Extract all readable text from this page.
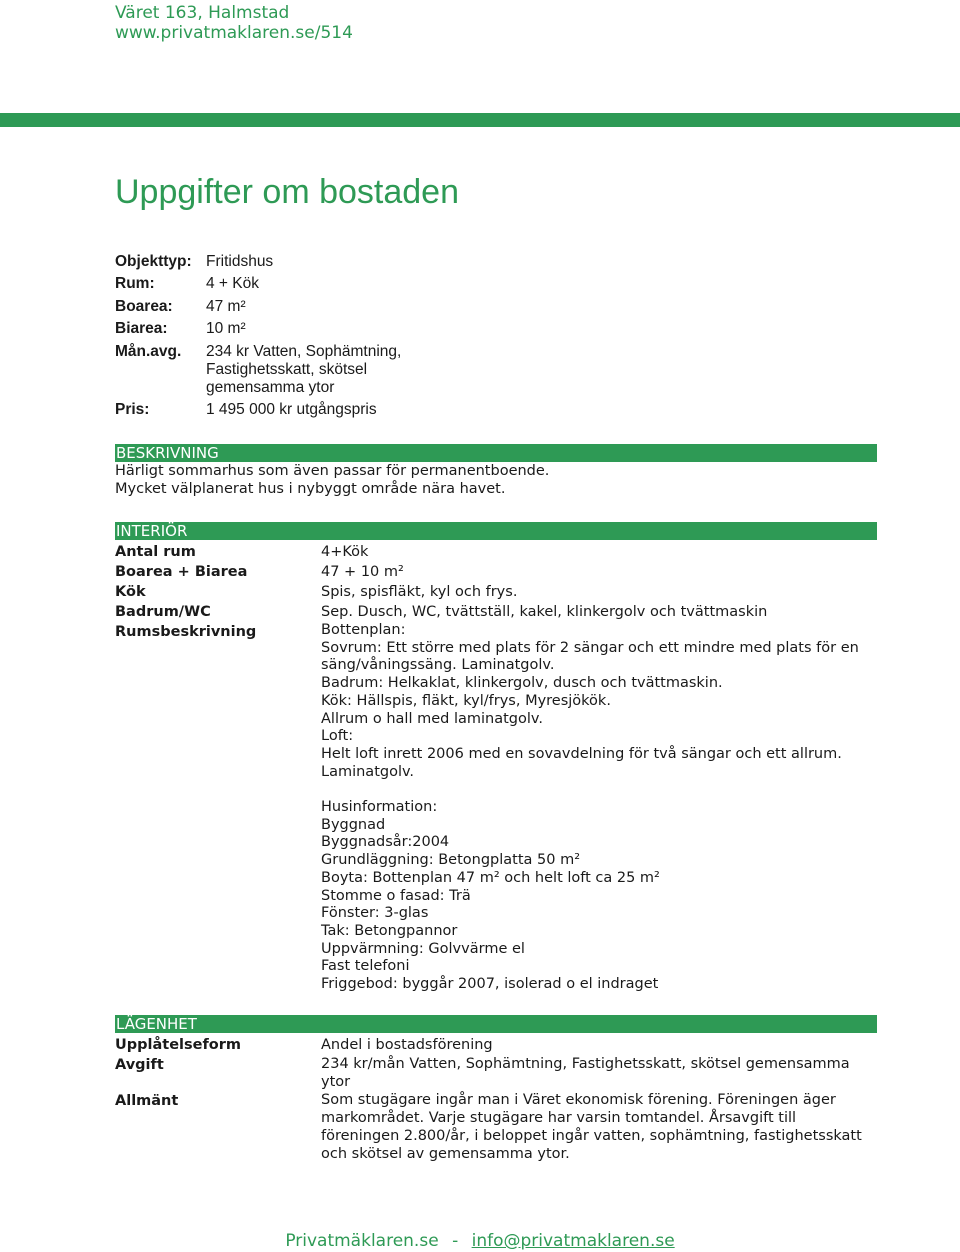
Väret 163, Halmstad
www.privatmaklaren.se/514
Uppgifter om bostaden
Objekttyp: Fritidshus
Rum:	4 + Kök
Boarea:	47 m²
Biarea:	10 m²
Mån.avg.	234 kr Vatten, Sophämtning, Fastighetsskatt, skötsel gemensamma ytor
Pris:	1 495 000 kr utgångspris
BESKRIVNING
Härligt sommarhus som även passar för permanentboende.
Mycket välplanerat hus i nybyggt område nära havet.
INTERIÖR
Antal rum	4+Kök
Boarea + Biarea	47 + 10 m²
Kök	Spis, spisfläkt, kyl och frys.
Badrum/WC	Sep. Dusch, WC, tvättställ, kakel, klinkergolv och tvättmaskin
Rumsbeskrivning	Bottenplan:
Sovrum: Ett större med plats för 2 sängar och ett mindre med plats för en säng/våningssäng. Laminatgolv.
Badrum: Helkaklat, klinkergolv, dusch och tvättmaskin.
Kök: Hällspis, fläkt, kyl/frys, Myresjökök.
Allrum o hall med laminatgolv.
Loft:
Helt loft inrett 2006 med en sovavdelning för två sängar och ett allrum. Laminatgolv.
Husinformation:
Byggnad
Byggnadsår:2004
Grundläggning: Betongplatta 50 m²
Boyta: Bottenplan 47 m² och helt loft ca 25 m²
Stomme o fasad: Trä
Fönster: 3-glas
Tak: Betongpannor
Uppvärmning: Golvvärme el
Fast telefoni
Friggebod: byggår 2007, isolerad o el indraget
LÄGENHET
Upplåtelseform	Andel i bostadsförening
Avgift	234 kr/mån Vatten, Sophämtning, Fastighetsskatt, skötsel gemensamma ytor
Allmänt	Som stugägare ingår man i Väret ekonomisk förening. Föreningen äger markområdet. Varje stugägare har varsin tomtandel. Årsavgift till föreningen 2.800/år, i beloppet ingår vatten, sophämtning, fastighetsskatt och skötsel av gemensamma ytor.
Privatmäklaren.se - info@privatmaklaren.se
